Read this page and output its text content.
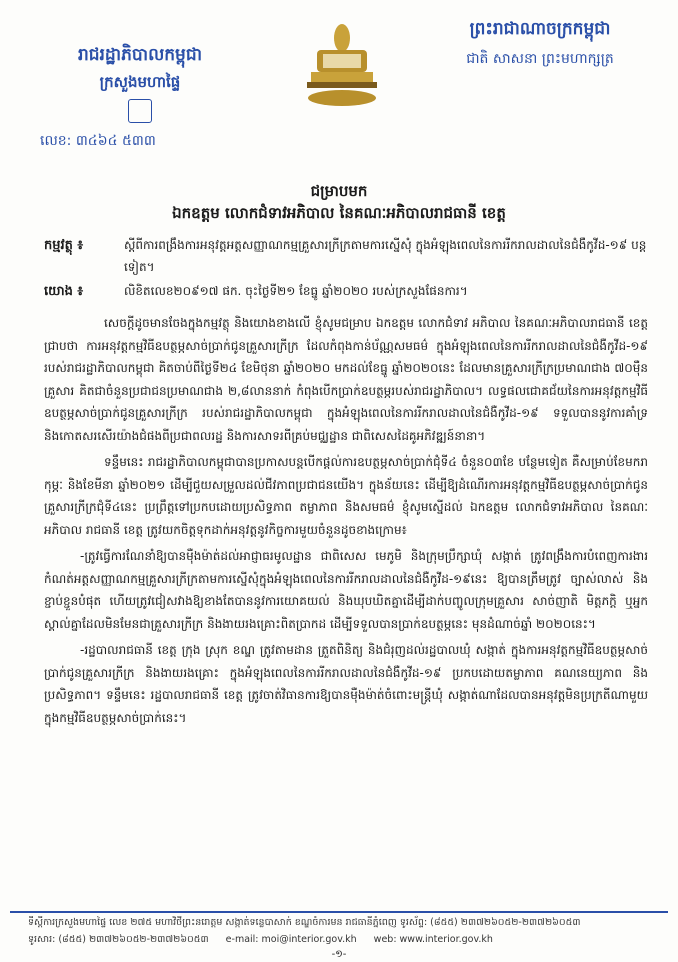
រាជរដ្ឋាភិបាលកម្ពុជា
ក្រសួងមហាផ្ទៃ
លេខ: ៣៤៦៤ ៥៣៣
ព្រះរាជាណាចក្រកម្ពុជា
ជាតិ សាសនា ព្រះមហាក្សត្រ
ជម្រាបមក
ឯកឧត្តម លោកជំទាវអភិបាល នៃគណៈអភិបាលរាជធានី ខេត្ត
កម្មវត្ថុ ៖	ស្តីពីការពង្រឹងការអនុវត្តអត្តសញ្ញាណកម្មគ្រួសារក្រីក្រតាមការស្នើសុំ ក្នុងអំឡុងពេលនៃការរីករាលដាលនៃជំងឺកូវីដ-១៩ បន្តទៀត។
យោង ៖	លិខិតលេខ២០៩១៧ ផក. ចុះថ្ងៃទី២១ ខែធ្នូ ឆ្នាំ២០២០ របស់ក្រសួងផែនការ។

សេចក្តីដូចមានចែងក្នុងកម្មវត្ថុ និងយោងខាងលើ ខ្ញុំសូមជម្រាប ឯកឧត្តម លោកជំទាវ អភិបាល នៃគណៈអភិបាលរាជធានី ខេត្ត ជ្រាបថា ការអនុវត្តកម្មវិធីឧបត្ថម្ភសាច់ប្រាក់ជូនគ្រួសារក្រីក្រ ដែលកំពុងកាន់ប័ណ្ណសមធម៌ ក្នុងអំឡុងពេលនៃការរីករាលដាលនៃជំងឺកូវីដ-១៩ របស់រាជរដ្ឋាភិបាលកម្ពុជា គិតចាប់ពីថ្ងៃទី២៤ ខែមិថុនា ឆ្នាំ២០២០ មកដល់ខែធ្នូ ឆ្នាំ២០២០នេះ ដែលមានគ្រួសារក្រីក្រប្រមាណជាង ៧០ម៉ឺនគ្រួសារ គិតជាចំនួនប្រជាជនប្រមាណជាង ២,៨លាននាក់ កំពុងបើកប្រាក់ឧបត្ថម្ភរបស់រាជរដ្ឋាភិបាល។ លទ្ធផលជោគជ័យនៃការអនុវត្តកម្មវិធីឧបត្ថម្ភសាច់ប្រាក់ជូនគ្រួសារក្រីក្រ របស់រាជរដ្ឋាភិបាលកម្ពុជា ក្នុងអំឡុងពេលនៃការរីករាលដាលនៃជំងឺកូវីដ-១៩ ទទួលបាននូវការគាំទ្រ និងកោតសរសើរយ៉ាងជំផងពីប្រជាពលរដ្ឋ និងការសាទរពីគ្រប់មជ្ឈដ្ឋាន ជាពិសេសដៃគូអភិវឌ្ឍន៍នានា។

ទន្ទឹមនេះ រាជរដ្ឋាភិបាលកម្ពុជាបានប្រកាសបន្តបើកផ្តល់ការឧបត្ថម្ភសាច់ប្រាក់ជុំទី៤ ចំនួន០៣ខែ បន្ថែមទៀត គឺសម្រាប់ខែមករា កុម្ភៈ និងខែមីនា ឆ្នាំ២០២១ ដើម្បីជួយសម្រួលដល់ជីវភាពប្រជាជនយើង។ ក្នុងន័យនេះ ដើម្បីឱ្យដំណើរការអនុវត្តកម្មវិធីឧបត្ថម្ភសាច់ប្រាក់ជូនគ្រួសារក្រីក្រជុំទី៤នេះ ប្រព្រឹត្តទៅប្រកបដោយប្រសិទ្ធភាព តម្លាភាព និងសមធម៌ ខ្ញុំសូមស្នើដល់ ឯកឧត្តម លោកជំទាវអភិបាល នៃគណៈអភិបាល រាជធានី ខេត្ត ត្រូវយកចិត្តទុកដាក់អនុវត្តនូវកិច្ចការមួយចំនួនដូចខាងក្រោម៖

-ត្រូវធ្វើការណែនាំឱ្យបានម៉ឺងម៉ាត់ដល់អាជ្ញាធរមូលដ្ឋាន ជាពិសេស មេភូមិ និងក្រុមប្រឹក្សាឃុំ សង្កាត់ ត្រូវពង្រឹងការបំពេញការងារកំណត់អត្តសញ្ញាណកម្មគ្រួសារក្រីក្រតាមការស្នើសុំក្នុងអំឡុងពេលនៃការរីករាលដាលនៃជំងឺកូវីដ-១៩នេះ ឱ្យបានត្រឹមត្រូវ ច្បាស់លាស់ និងខ្ជាប់ខ្ជួនបំផុត ហើយត្រូវជៀសវាងឱ្យខាងតែបាននូវការយោគយល់ និងឃុបឃិតគ្នាដើម្បីដាក់បញ្ចូលក្រុមគ្រួសារ សាច់ញាតិ មិត្តភក្តិ ឬអ្នកស្គាល់គ្នាដែលមិនមែនជាគ្រួសារក្រីក្រ និងងាយរងគ្រោះពិតប្រាកដ ដើម្បីទទួលបានប្រាក់ឧបត្ថម្ភនេះ មុនដំណាច់ឆ្នាំ ២០២០នេះ។

-រដ្ឋបាលរាជធានី ខេត្ត ក្រុង ស្រុក ខណ្ឌ ត្រូវតាមដាន ត្រួតពិនិត្យ និងជំរុញដល់រដ្ឋបាលឃុំ សង្កាត់ ក្នុងការអនុវត្តកម្មវិធីឧបត្ថម្ភសាច់ប្រាក់ជូនគ្រួសារក្រីក្រ និងងាយរងគ្រោះ ក្នុងអំឡុងពេលនៃការរីករាលដាលនៃជំងឺកូវីដ-១៩ ប្រកបដោយតម្លាភាព គណនេយ្យភាព និងប្រសិទ្ធភាព។ ទន្ទឹមនេះ រដ្ឋបាលរាជធានី ខេត្ត ត្រូវចាត់វិធានការឱ្យបានម៉ឺងម៉ាត់ចំពោះមន្ត្រីឃុំ សង្កាត់ណាដែលបានអនុវត្តមិនប្រក្រតីណាមួយ ក្នុងកម្មវិធីឧបត្ថម្ភសាច់ប្រាក់នេះ។

ទីស្តីការក្រសួងមហាផ្ទៃ លេខ ២៧៥ មហាវិថីព្រះនរោត្តម សង្កាត់ទន្លេបាសាក់ ខណ្ឌចំការមន រាជធានីភ្នំពេញ ទូរស័ព្ទ: (៨៥៥) ២៣៧២៦០៥២-២៣៧២៦០៥៣
ទូរសារ: (៨៥៥) ២៣៧២៦០៥២-២៣៧២៦០៥៣ e-mail: moi@interior.gov.kh web: www.interior.gov.kh
-១-
